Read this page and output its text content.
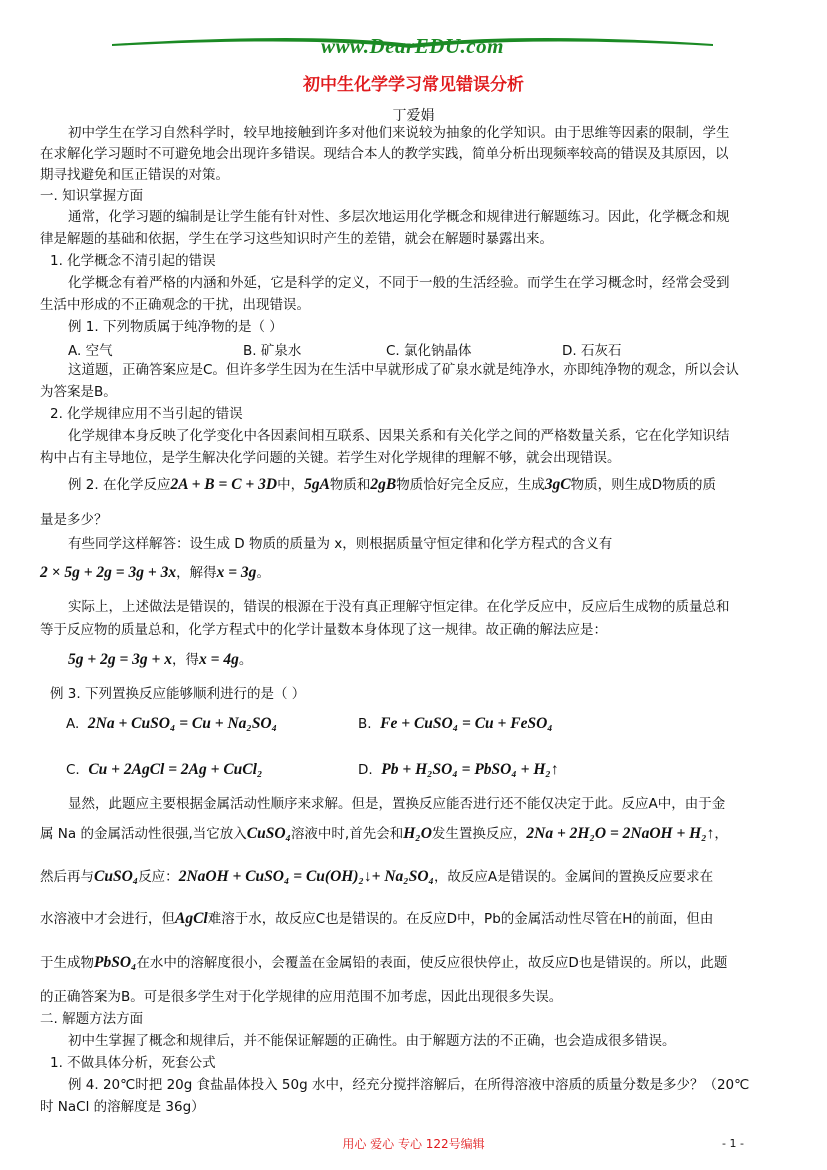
www.DearEDU.com
初中生化学学习常见错误分析
丁爱娟
初中学生在学习自然科学时，较早地接触到许多对他们来说较为抽象的化学知识。由于思维等因素的限制，学生
在求解化学习题时不可避免地会出现许多错误。现结合本人的教学实践，简单分析出现频率较高的错误及其原因，以
期寻找避免和匡正错误的对策。
一. 知识掌握方面
通常，化学习题的编制是让学生能有针对性、多层次地运用化学概念和规律进行解题练习。因此，化学概念和规
律是解题的基础和依据，学生在学习这些知识时产生的差错，就会在解题时暴露出来。
1. 化学概念不清引起的错误
化学概念有着严格的内涵和外延，它是科学的定义，不同于一般的生活经验。而学生在学习概念时，经常会受到
生活中形成的不正确观念的干扰，出现错误。
例 1. 下列物质属于纯净物的是（ ）
A. 空气	B. 矿泉水	C. 氯化钠晶体	D. 石灰石
这道题，正确答案应是C。但许多学生因为在生活中早就形成了矿泉水就是纯净水，亦即纯净物的观念，所以会认
为答案是B。
2. 化学规律应用不当引起的错误
化学规律本身反映了化学变化中各因素间相互联系、因果关系和有关化学之间的严格数量关系，它在化学知识结
构中占有主导地位，是学生解决化学问题的关键。若学生对化学规律的理解不够，就会出现错误。
例 2. 在化学反应2A + B = C + 3D中，5gA物质和2gB物质恰好完全反应，生成3gC物质，则生成D物质的质
量是多少？
有些同学这样解答：设生成 D 物质的质量为 x，则根据质量守恒定律和化学方程式的含义有
2 × 5g + 2g = 3g + 3x，解得x = 3g。
实际上，上述做法是错误的，错误的根源在于没有真正理解守恒定律。在化学反应中，反应后生成物的质量总和
等于反应物的质量总和，化学方程式中的化学计量数本身体现了这一规律。故正确的解法应是：
5g + 2g = 3g + x，得x = 4g。
例 3. 下列置换反应能够顺利进行的是（ ）
A. 2Na + CuSO₄ = Cu + Na₂SO₄	B. Fe + CuSO₄ = Cu + FeSO₄
C. Cu + 2AgCl = 2Ag + CuCl₂	D. Pb + H₂SO₄ = PbSO₄ + H₂↑
显然，此题应主要根据金属活动性顺序来求解。但是，置换反应能否进行还不能仅决定于此。反应A中，由于金
属 Na 的金属活动性很强,当它放入CuSO₄溶液中时,首先会和H₂O发生置换反应，2Na + 2H₂O = 2NaOH + H₂↑，
然后再与CuSO₄反应：2NaOH + CuSO₄ = Cu(OH)₂↓+ Na₂SO₄，故反应A是错误的。金属间的置换反应要求在
水溶液中才会进行，但AgCl难溶于水，故反应C也是错误的。在反应D中，Pb的金属活动性尽管在H的前面，但由
于生成物PbSO₄在水中的溶解度很小，会覆盖在金属铅的表面，使反应很快停止，故反应D也是错误的。所以，此题
的正确答案为B。可是很多学生对于化学规律的应用范围不加考虑，因此出现很多失误。
二. 解题方法方面
初中生掌握了概念和规律后，并不能保证解题的正确性。由于解题方法的不正确，也会造成很多错误。
1. 不做具体分析，死套公式
例 4. 20℃时把 20g 食盐晶体投入 50g 水中，经充分搅拌溶解后，在所得溶液中溶质的质量分数是多少？（20℃
时 NaCl 的溶解度是 36g）
用心 爱心 专心 122号编辑	- 1 -
